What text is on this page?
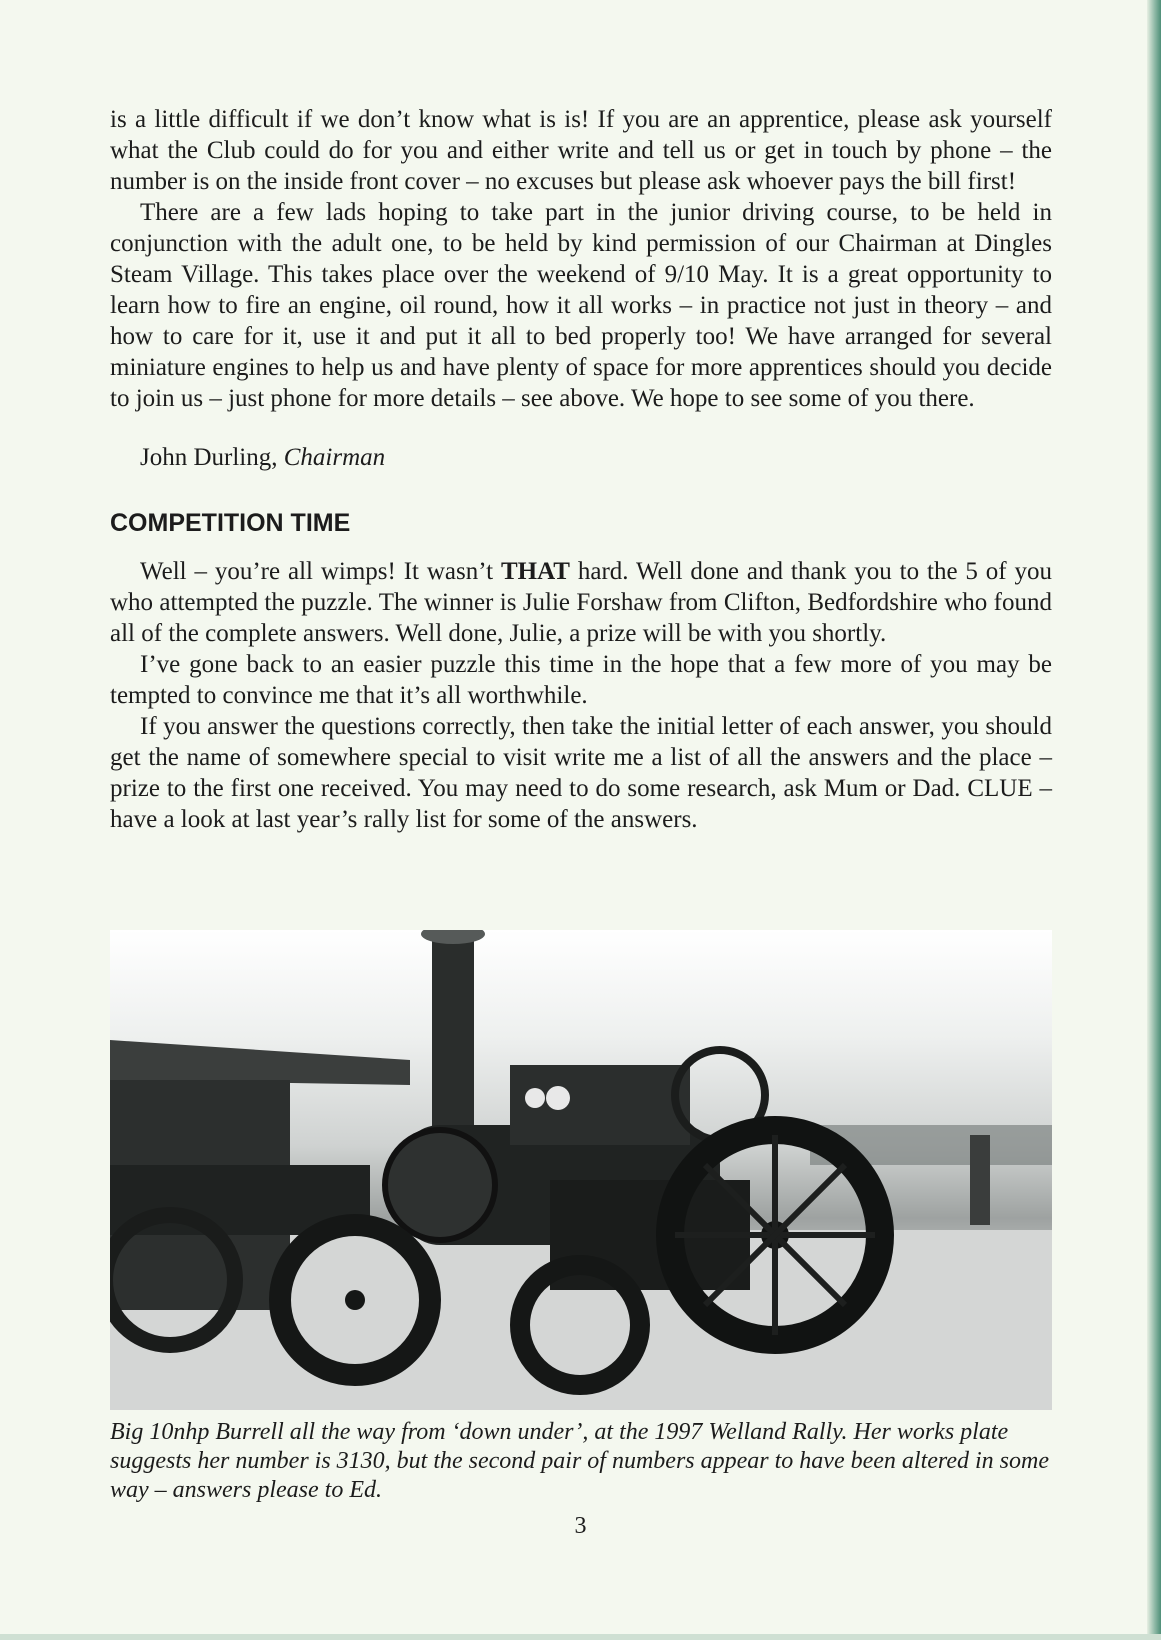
is a little difficult if we don’t know what is is! If you are an apprentice, please ask yourself what the Club could do for you and either write and tell us or get in touch by phone – the number is on the inside front cover – no excuses but please ask whoever pays the bill first!

There are a few lads hoping to take part in the junior driving course, to be held in conjunction with the adult one, to be held by kind permission of our Chairman at Dingles Steam Village. This takes place over the weekend of 9/10 May. It is a great opportunity to learn how to fire an engine, oil round, how it all works – in practice not just in theory – and how to care for it, use it and put it all to bed properly too! We have arranged for several miniature engines to help us and have plenty of space for more apprentices should you decide to join us – just phone for more details – see above. We hope to see some of you there.

John Durling, Chairman

COMPETITION TIME

Well – you’re all wimps! It wasn’t THAT hard. Well done and thank you to the 5 of you who attempted the puzzle. The winner is Julie Forshaw from Clifton, Bedfordshire who found all of the complete answers. Well done, Julie, a prize will be with you shortly.

I’ve gone back to an easier puzzle this time in the hope that a few more of you may be tempted to convince me that it’s all worthwhile.

If you answer the questions correctly, then take the initial letter of each answer, you should get the name of somewhere special to visit write me a list of all the answers and the place – prize to the first one received. You may need to do some research, ask Mum or Dad. CLUE – have a look at last year’s rally list for some of the answers.

Big 10nhp Burrell all the way from ‘down under’, at the 1997 Welland Rally. Her works plate suggests her number is 3130, but the second pair of numbers appear to have been altered in some way – answers please to Ed.
3
